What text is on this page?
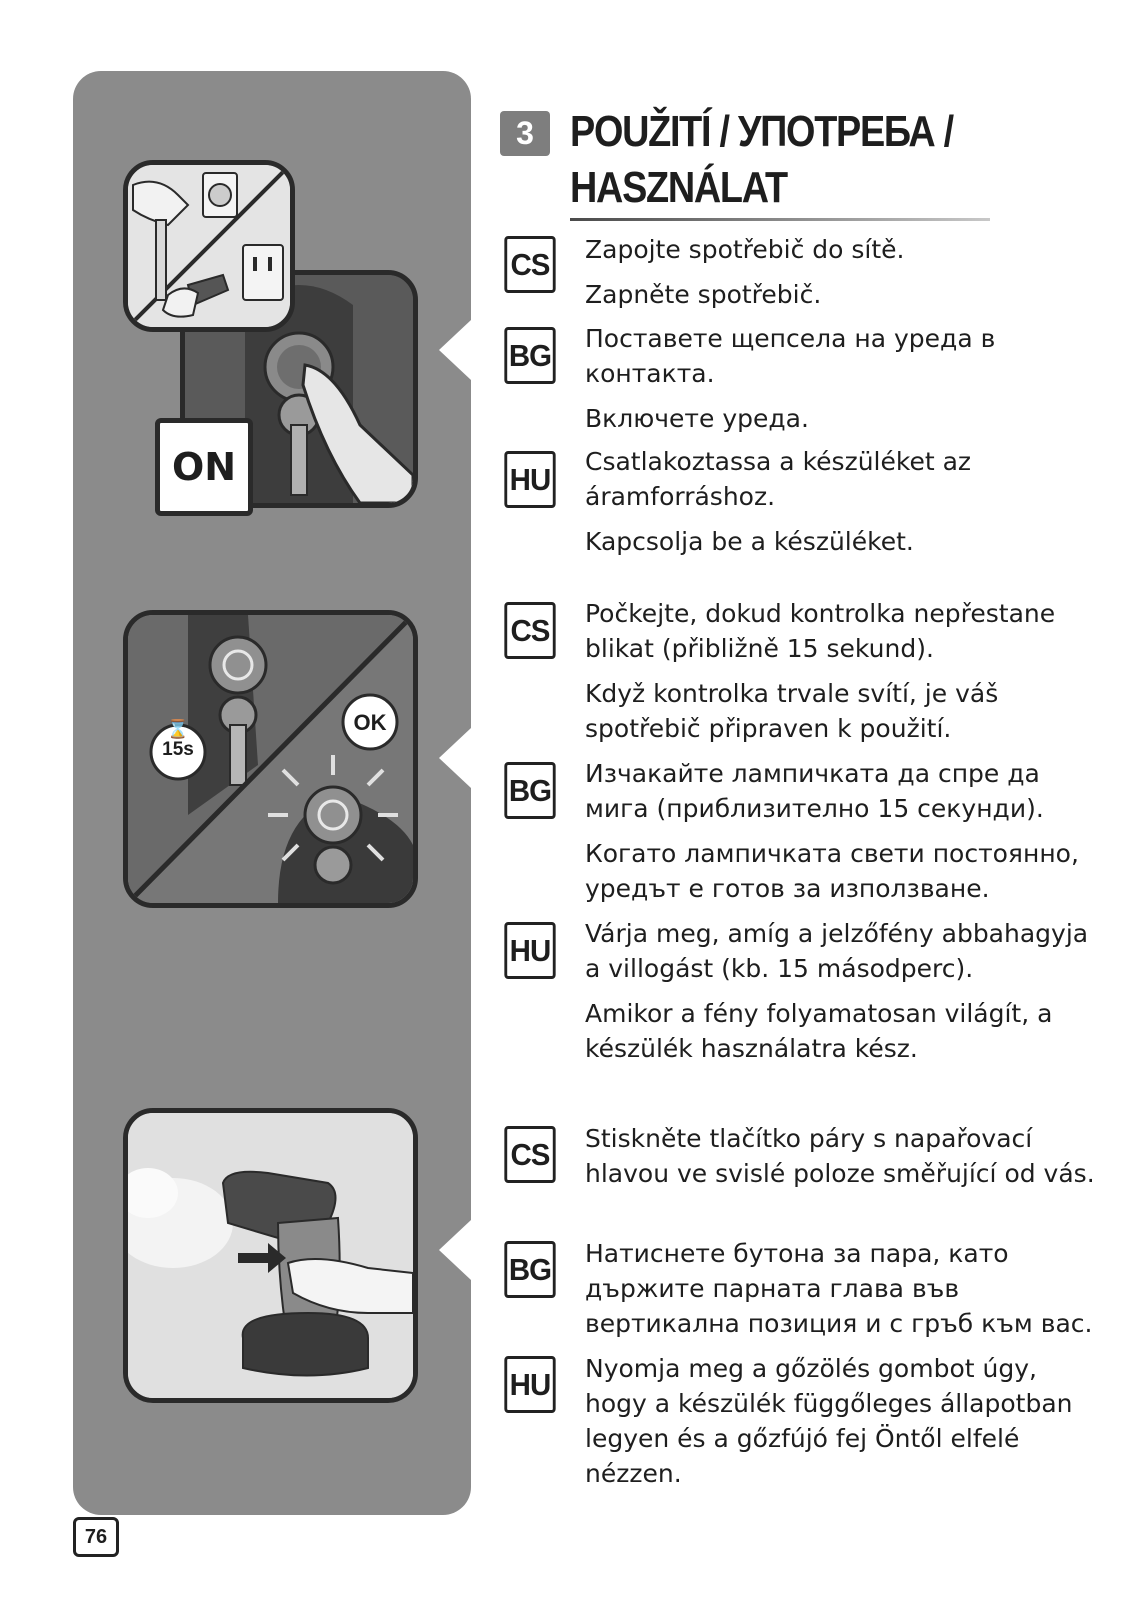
ON
OK
⌛
15s
76
3 POUŽITÍ / УПОТРЕБА /
HASZNÁLAT
CS Zapojte spotřebič do sítě.

Zapněte spotřebič.

BG Поставете щепсела на уреда в контакта.

Включете уреда.

HU Csatlakoztassa a készüléket az áramforráshoz.

Kapcsolja be a készüléket.

CS Počkejte, dokud kontrolka nepřestane blikat (přibližně 15 sekund).

Když kontrolka trvale svítí, je váš spotřebič připraven k použití.

BG Изчакайте лампичката да спре да мига (приблизително 15 секунди).

Когато лампичката свети постоянно, уредът е готов за използване.

HU Várja meg, amíg a jelzőfény abbahagyja a villogást (kb. 15 másodperc).

Amikor a fény folyamatosan világít, a készülék használatra kész.

CS Stiskněte tlačítko páry s napařovací hlavou ve svislé poloze směřující od vás.

BG Натиснете бутона за пара, като държите парната глава във вертикална позиция и с гръб към вас.

HU Nyomja meg a gőzölés gombot úgy, hogy a készülék függőleges állapotban legyen és a gőzfújó fej Öntől elfelé nézzen.
